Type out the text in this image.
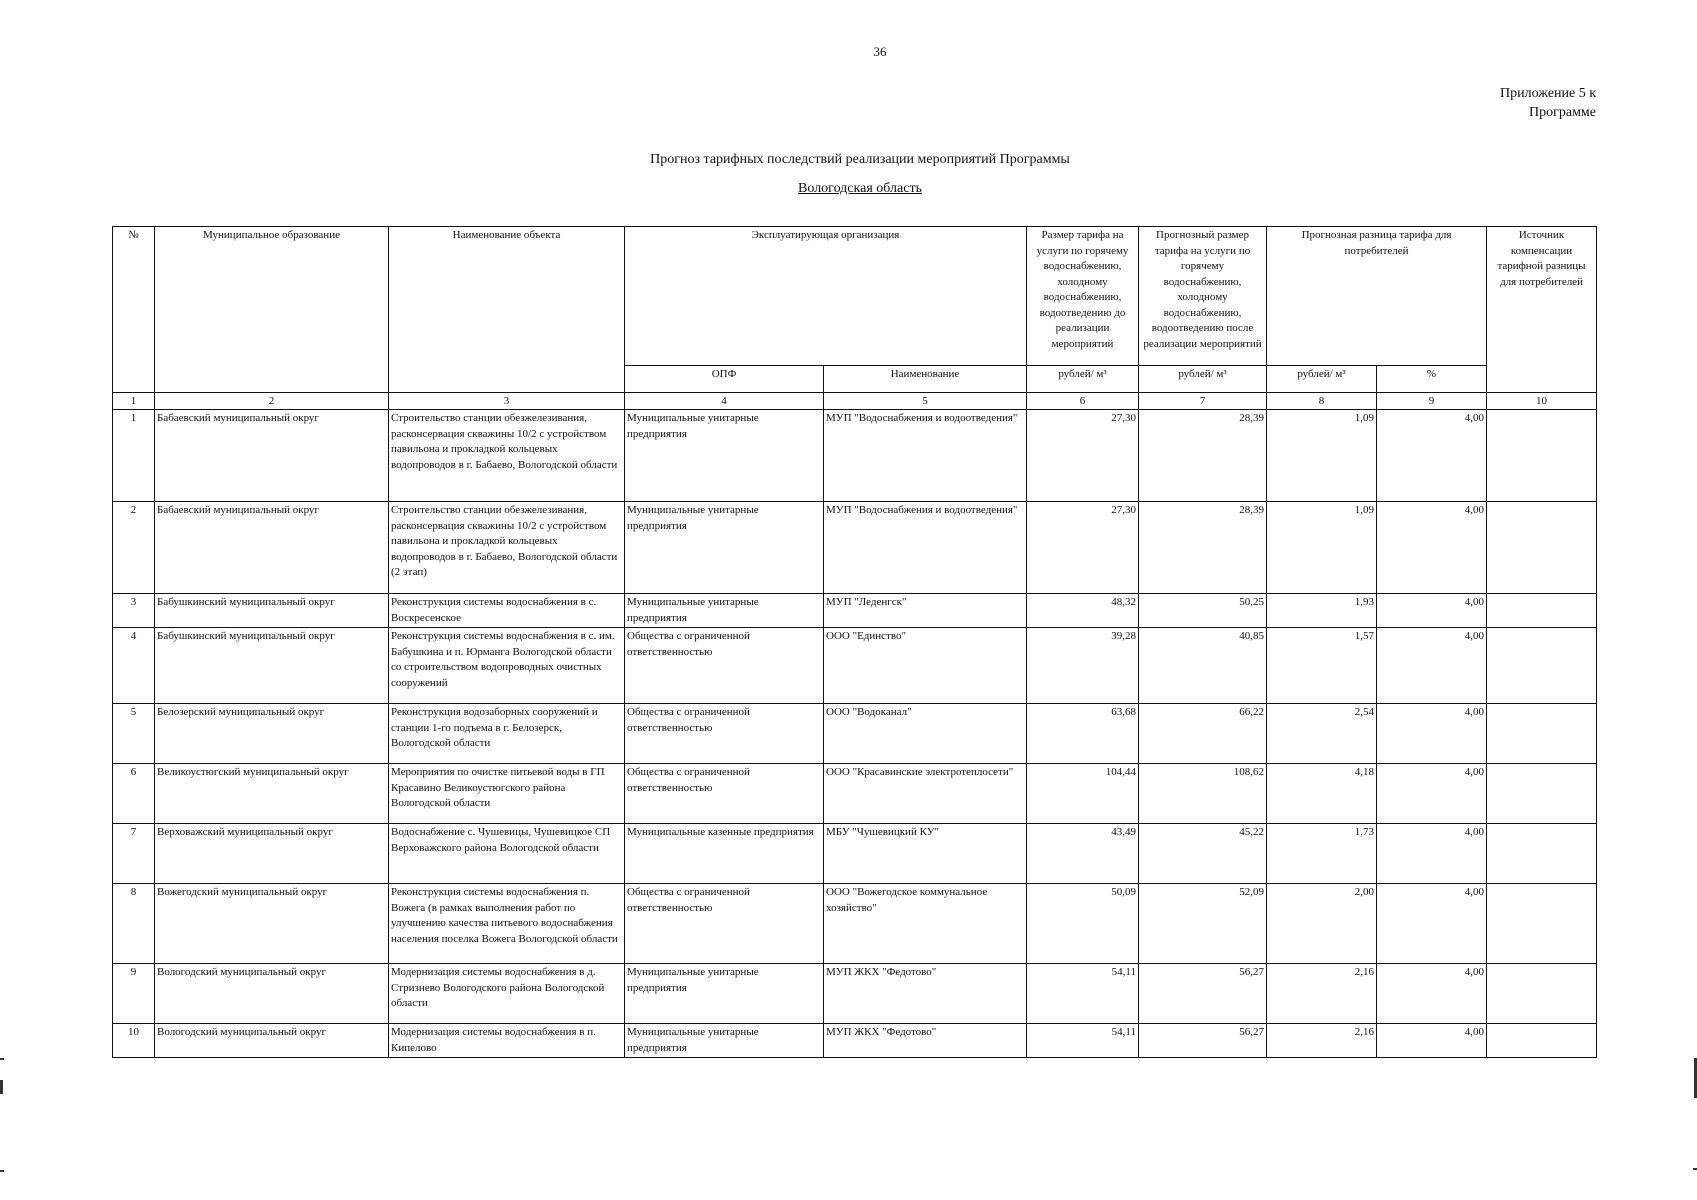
36
Приложение 5 к
Программе
Прогноз тарифных последствий реализации мероприятий Программы
Вологодская область
№	Муниципальное образование	Наименование объекта	Эксплуатирующая организация		Размер тарифа на услуги по горячему водоснабжению, холодному водоснабжению, водоотведению до реализации мероприятий	Прогнозный размер тарифа на услуги по горячему водоснабжению, холодному водоснабжению, водоотведению после реализации мероприятий	Прогнозная разница тарифа для потребителей		Источник компенсации тарифной разницы для потребителей
			ОПФ	Наименование	рублей/ м³	рублей/ м³	рублей/ м³	%	
1	2	3	4	5	6	7	8	9	10
1	Бабаевский муниципальный округ	Строительство станции обезжелезивания, расконсервация скважины 10/2 с устройством павильона и прокладкой кольцевых водопроводов в г. Бабаево, Вологодской области	Муниципальные унитарные предприятия	МУП "Водоснабжения и водоотведения"	27,30	28,39	1,09	4,00	
2	Бабаевский муниципальный округ	Строительство станции обезжелезивания, расконсервация скважины 10/2 с устройством павильона и прокладкой кольцевых водопроводов в г. Бабаево, Вологодской области (2 этап)	Муниципальные унитарные предприятия	МУП "Водоснабжения и водоотведения"	27,30	28,39	1,09	4,00	
3	Бабушкинский муниципальный округ	Реконструкция системы водоснабжения в с. Воскресенское	Муниципальные унитарные предприятия	МУП "Леденгск"	48,32	50,25	1,93	4,00	
4	Бабушкинский муниципальный округ	Реконструкция системы водоснабжения в с. им. Бабушкина и п. Юрманга Вологодской области со строительством водопроводных очистных сооружений	Общества с ограниченной ответственностью	ООО "Единство"	39,28	40,85	1,57	4,00	
5	Белозерский муниципальный округ	Реконструкция водозаборных сооружений и станции 1-го подъема в г. Белозерск, Вологодской области	Общества с ограниченной ответственностью	ООО "Водоканал"	63,68	66,22	2,54	4,00	
6	Великоустюгский муниципальный округ	Мероприятия по очистке питьевой воды в ГП Красавино Великоустюгского района Вологодской области	Общества с ограниченной ответственностью	ООО "Красавинские электротеплосети"	104,44	108,62	4,18	4,00	
7	Верховажский муниципальный округ	Водоснабжение с. Чушевицы, Чушевицкое СП Верховажского района Вологодской области	Муниципальные казенные предприятия	МБУ "Чушевицкий КУ"	43,49	45,22	1,73	4,00	
8	Вожегодский муниципальный округ	Реконструкция системы водоснабжения п. Вожега (в рамках выполнения работ по улучшению качества питьевого водоснабжения населения поселка Вожега Вологодской области	Общества с ограниченной ответственностью	ООО "Вожегодское коммунальное хозяйство"	50,09	52,09	2,00	4,00	
9	Вологодский муниципальный округ	Модернизация системы водоснабжения в д. Стризнево Вологодского района Вологодской области	Муниципальные унитарные предприятия	МУП ЖКХ "Федотово"	54,11	56,27	2,16	4,00	
10	Вологодский муниципальный округ	Модернизация системы водоснабжения в п. Кипелово	Муниципальные унитарные предприятия	МУП ЖКХ "Федотово"	54,11	56,27	2,16	4,00	
